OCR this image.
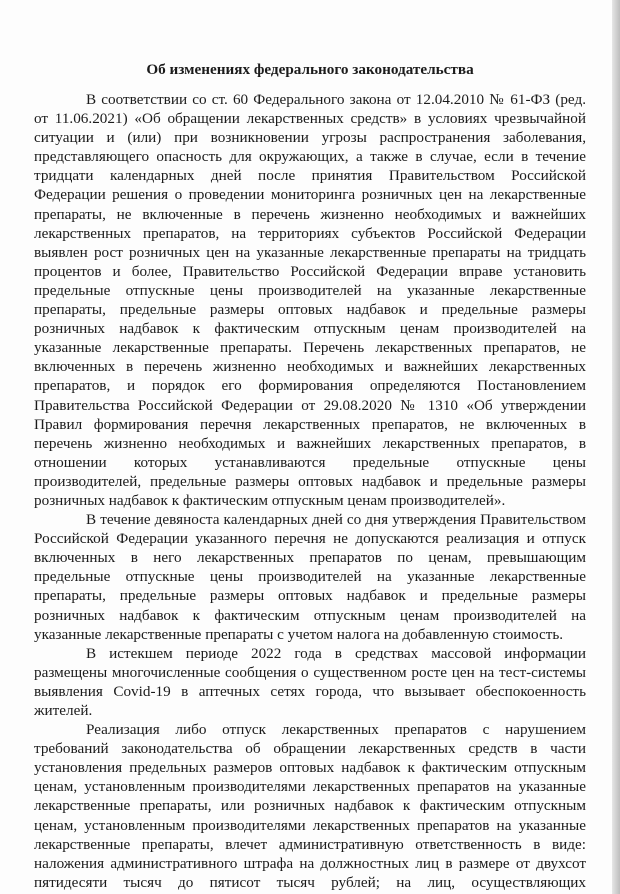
Об изменениях федерального законодательства
В соответствии со ст. 60 Федерального закона от 12.04.2010 № 61-ФЗ (ред.
от 11.06.2021) «Об обращении лекарственных средств» в условиях чрезвычайной
ситуации и (или) при возникновении угрозы распространения заболевания,
представляющего опасность для окружающих, а также в случае, если в течение
тридцати календарных дней после принятия Правительством Российской
Федерации решения о проведении мониторинга розничных цен на лекарственные
препараты, не включенные в перечень жизненно необходимых и важнейших
лекарственных препаратов, на территориях субъектов Российской Федерации
выявлен рост розничных цен на указанные лекарственные препараты на тридцать
процентов и более, Правительство Российской Федерации вправе установить
предельные отпускные цены производителей на указанные лекарственные
препараты, предельные размеры оптовых надбавок и предельные размеры
розничных надбавок к фактическим отпускным ценам производителей на
указанные лекарственные препараты. Перечень лекарственных препаратов, не
включенных в перечень жизненно необходимых и важнейших лекарственных
препаратов, и порядок его формирования определяются Постановлением
Правительства Российской Федерации от 29.08.2020 № 1310 «Об утверждении
Правил формирования перечня лекарственных препаратов, не включенных в
перечень жизненно необходимых и важнейших лекарственных препаратов, в
отношении которых устанавливаются предельные отпускные цены
производителей, предельные размеры оптовых надбавок и предельные размеры
розничных надбавок к фактическим отпускным ценам производителей».
В течение девяноста календарных дней со дня утверждения Правительством
Российской Федерации указанного перечня не допускаются реализация и отпуск
включенных в него лекарственных препаратов по ценам, превышающим
предельные отпускные цены производителей на указанные лекарственные
препараты, предельные размеры оптовых надбавок и предельные размеры
розничных надбавок к фактическим отпускным ценам производителей на
указанные лекарственные препараты с учетом налога на добавленную стоимость.
В истекшем периоде 2022 года в средствах массовой информации
размещены многочисленные сообщения о существенном росте цен на тест-системы
выявления Covid-19 в аптечных сетях города, что вызывает обеспокоенность
жителей.
Реализация либо отпуск лекарственных препаратов с нарушением
требований законодательства об обращении лекарственных средств в части
установления предельных размеров оптовых надбавок к фактическим отпускным
ценам, установленным производителями лекарственных препаратов на указанные
лекарственные препараты, или розничных надбавок к фактическим отпускным
ценам, установленным производителями лекарственных препаратов на указанные
лекарственные препараты, влечет административную ответственность в виде:
наложения административного штрафа на должностных лиц в размере от двухсот
пятидесяти тысяч до пятисот тысяч рублей; на лиц, осуществляющих
